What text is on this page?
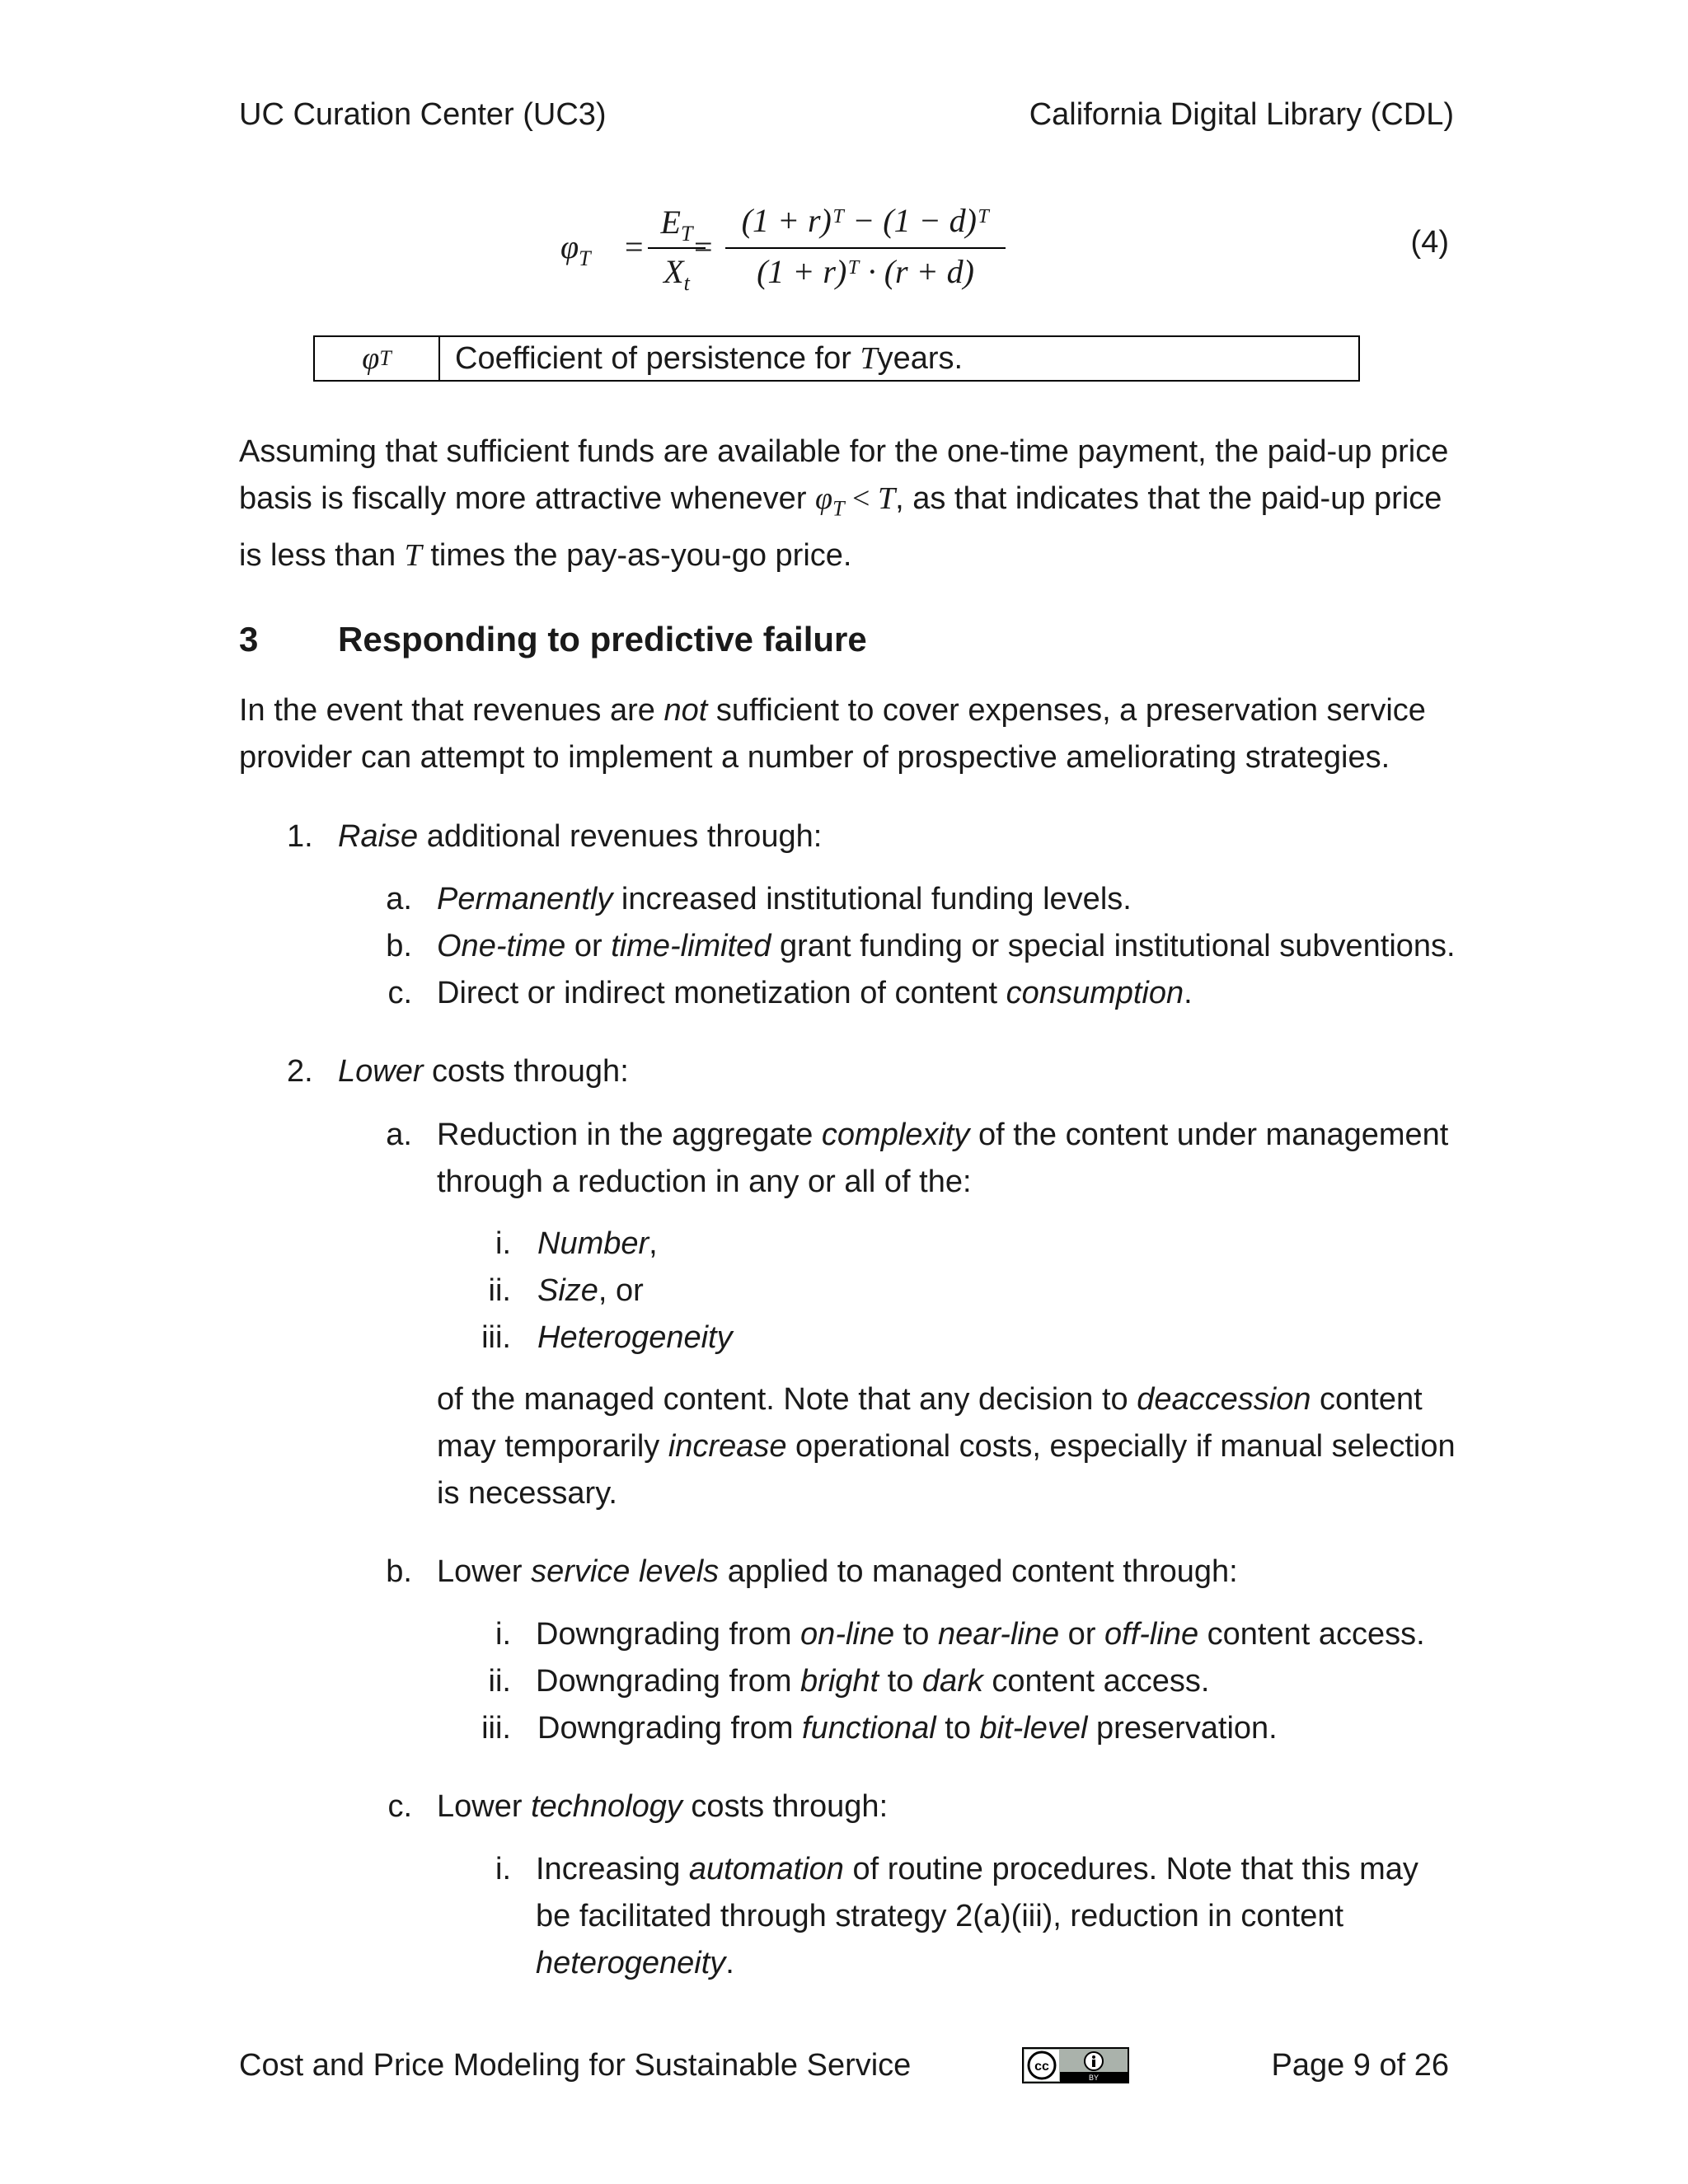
UC Curation Center (UC3)	California Digital Library (CDL)
$\varphi_T$ =
$E_T$
$X_t$
=
(1 + r)ᵀ − (1 − d)ᵀ
(1 + r)ᵀ · (r + d)
(4)
φ T Coefficient of persistence for
T years.
Assuming that sufficient funds are available for the one-time payment, the paid-up price
basis is fiscally more attractive whenever $\varphi_T < T$, as that indicates that the paid-up price
is less than T times the pay-as-you-go price.
3 Responding to predictive failure
In the event that revenues are not sufficient to cover expenses, a preservation service
provider can attempt to implement a number of prospective ameliorating strategies.
1. Raise additional revenues through:
a. Permanently increased institutional funding levels.
b. One-time or time-limited grant funding or special institutional subventions.
c. Direct or indirect monetization of content consumption.
2. Lower costs through:
a. Reduction in the aggregate complexity of the content under management
through a reduction in any or all of the:
i. Number,
ii. Size, or
iii. Heterogeneity
of the managed content. Note that any decision to deaccession content
may temporarily increase operational costs, especially if manual selection
is necessary.
b. Lower service levels applied to managed content through:
i. Downgrading from on-line to near-line or off-line content access.
ii. Downgrading from bright to dark content access.
iii. Downgrading from functional to bit-level preservation.
c. Lower technology costs through:
i. Increasing automation of routine procedures. Note that this may
be facilitated through strategy 2(a)(iii), reduction in content
heterogeneity.
Cost and Price Modeling for Sustainable Service	cc
BY	Page 9 of 26
